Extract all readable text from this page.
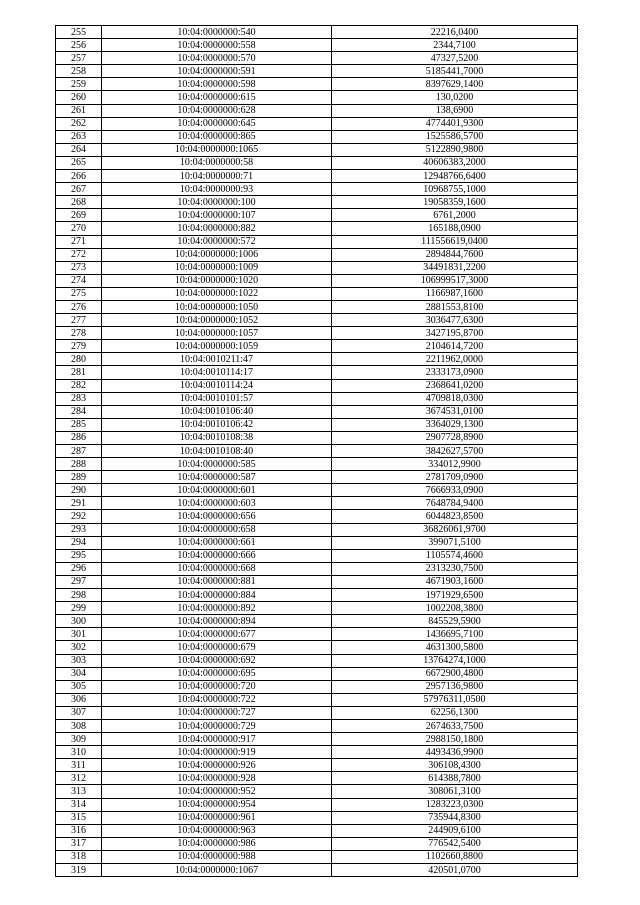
255	10:04:0000000:540	22216,0400
256	10:04:0000000:558	2344,7100
257	10:04:0000000:570	47327,5200
258	10:04:0000000:591	5185441,7000
259	10:04:0000000:598	8397629,1400
260	10:04:0000000:615	130,0200
261	10:04:0000000:628	138,6900
262	10:04:0000000:645	4774401,9300
263	10:04:0000000:865	1525586,5700
264	10:04:0000000:1065	5122890,9800
265	10:04:0000000:58	40606383,2000
266	10:04:0000000:71	12948766,6400
267	10:04:0000000:93	10968755,1000
268	10:04:0000000:100	19058359,1600
269	10:04:0000000:107	6761,2000
270	10:04:0000000:882	165188,0900
271	10:04:0000000:572	111556619,0400
272	10:04:0000000:1006	2894844,7600
273	10:04:0000000:1009	34491831,2200
274	10:04:0000000:1020	106999517,3000
275	10:04:0000000:1022	1166987,1600
276	10:04:0000000:1050	2881553,8100
277	10:04:0000000:1052	3036477,6300
278	10:04:0000000:1057	3427195,8700
279	10:04:0000000:1059	2104614,7200
280	10:04:0010211:47	2211962,0000
281	10:04:0010114:17	2333173,0900
282	10:04:0010114:24	2368641,0200
283	10:04:0010101:57	4709818,0300
284	10:04:0010106:40	3674531,0100
285	10:04:0010106:42	3364029,1300
286	10:04:0010108:38	2907728,8900
287	10:04:0010108:40	3842627,5700
288	10:04:0000000:585	334012,9900
289	10:04:0000000:587	2781709,0900
290	10:04:0000000:601	7666933,0900
291	10:04:0000000:603	7648784,9400
292	10:04:0000000:656	6044823,8500
293	10:04:0000000:658	36826061,9700
294	10:04:0000000:661	399071,5100
295	10:04:0000000:666	1105574,4600
296	10:04:0000000:668	2313230,7500
297	10:04:0000000:881	4671903,1600
298	10:04:0000000:884	1971929,6500
299	10:04:0000000:892	1002208,3800
300	10:04:0000000:894	845529,5900
301	10:04:0000000:677	1436695,7100
302	10:04:0000000:679	4631300,5800
303	10:04:0000000:692	13764274,1000
304	10:04:0000000:695	6672900,4800
305	10:04:0000000:720	2957136,9800
306	10:04:0000000:722	57976311,0500
307	10:04:0000000:727	62256,1300
308	10:04:0000000:729	2674633,7500
309	10:04:0000000:917	2988150,1800
310	10:04:0000000:919	4493436,9900
311	10:04:0000000:926	306108,4300
312	10:04:0000000:928	614388,7800
313	10:04:0000000:952	308061,3100
314	10:04:0000000:954	1283223,0300
315	10:04:0000000:961	735944,8300
316	10:04:0000000:963	244909,6100
317	10:04:0000000:986	776542,5400
318	10:04:0000000:988	1102660,8800
319	10:04:0000000:1067	420501,0700
